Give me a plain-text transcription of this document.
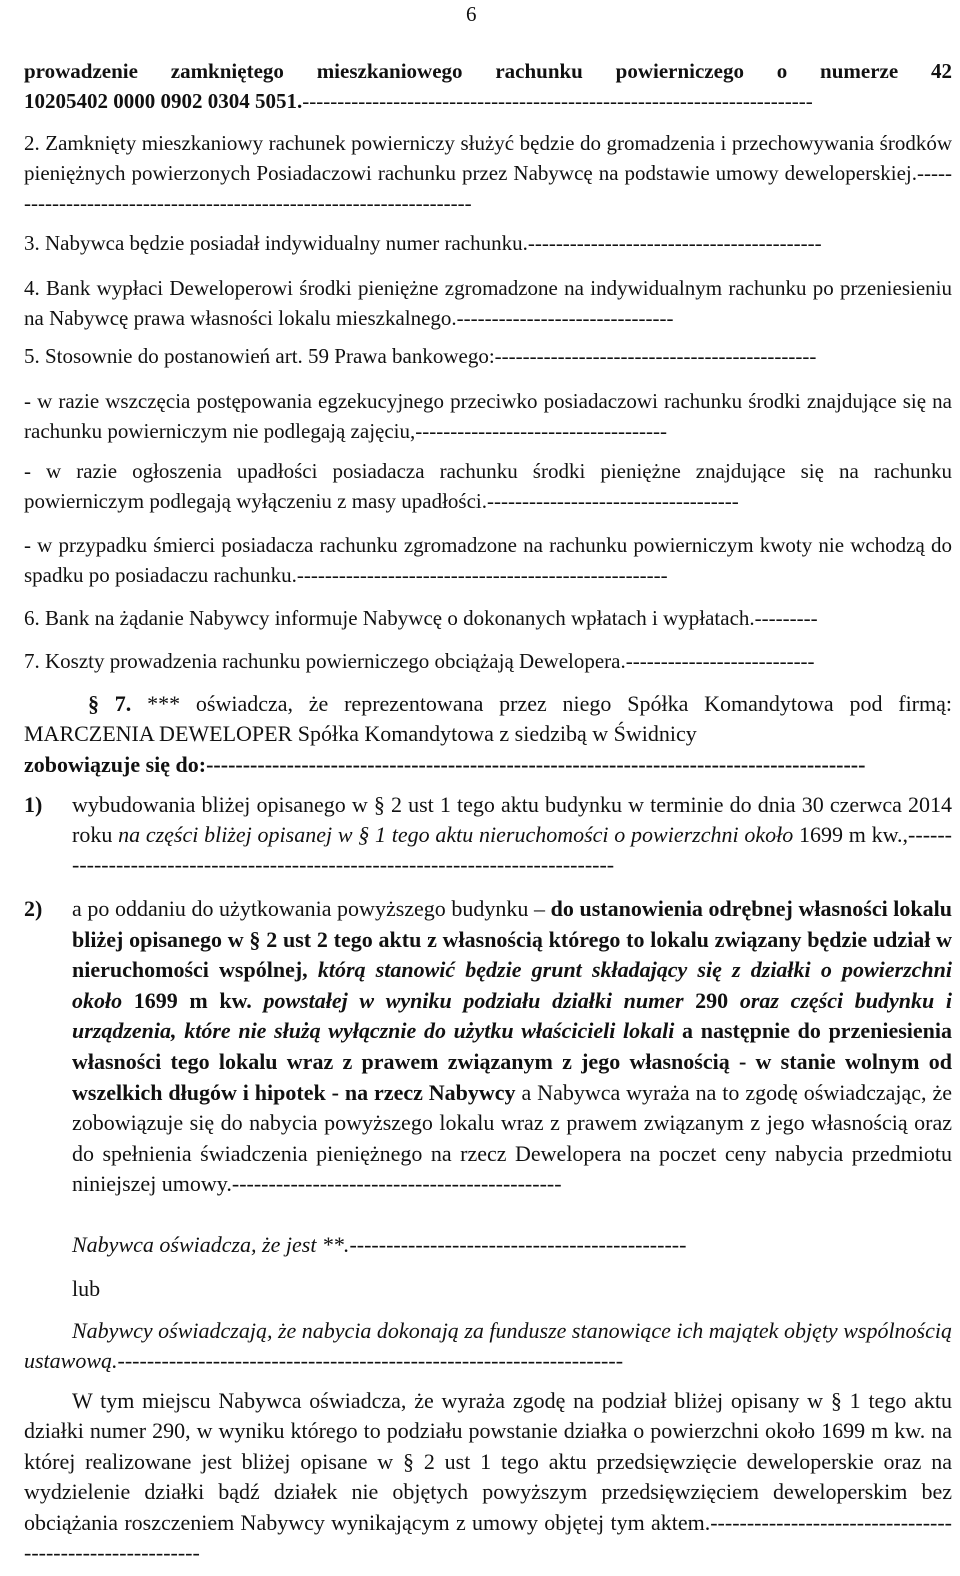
6
prowadzenie zamkniętego mieszkaniowego rachunku powierniczego o numerze 42
10205402 0000 0902 0304 5051.-------------------------------------------------------------------------
2. Zamknięty mieszkaniowy rachunek powierniczy służyć będzie do gromadzenia i przechowywania środków pieniężnych powierzonych Posiadaczowi rachunku przez Nabywcę na podstawie umowy deweloperskiej.---------------------------------------------------------------------
3. Nabywca będzie posiadał indywidualny numer rachunku.------------------------------------------
4. Bank wypłaci Deweloperowi środki pieniężne zgromadzone na indywidualnym rachunku po przeniesieniu na Nabywcę prawa własności lokalu mieszkalnego.-------------------------------
5. Stosownie do postanowień art. 59 Prawa bankowego:----------------------------------------------
- w razie wszczęcia postępowania egzekucyjnego przeciwko posiadaczowi rachunku środki znajdujące się na rachunku powierniczym nie podlegają zajęciu,------------------------------------
- w razie ogłoszenia upadłości posiadacza rachunku środki pieniężne znajdujące się na rachunku powierniczym podlegają wyłączeniu z masy upadłości.------------------------------------
- w przypadku śmierci posiadacza rachunku zgromadzone na rachunku powierniczym kwoty nie wchodzą do spadku po posiadaczu rachunku.-----------------------------------------------------
6. Bank na żądanie Nabywcy informuje Nabywcę o dokonanych wpłatach i wypłatach.---------
7. Koszty prowadzenia rachunku powierniczego obciążają Dewelopera.---------------------------
§ 7. *** oświadcza, że reprezentowana przez niego Spółka Komandytowa pod firmą: MARCZENIA DEWELOPER Spółka Komandytowa z siedzibą w Świdnicy
zobowiązuje się do:------------------------------------------------------------------------------------------
1) wybudowania bliżej opisanego w § 2 ust 1 tego aktu budynku w terminie do dnia 30 czerwca 2014 roku na części bliżej opisanej w § 1 tego aktu nieruchomości o powierzchni około 1699 m kw.,--------------------------------------------------------------------------------
2) a po oddaniu do użytkowania powyższego budynku – do ustanowienia odrębnej własności lokalu bliżej opisanego w § 2 ust 2 tego aktu z własnością którego to lokalu związany będzie udział w nieruchomości wspólnej, którą stanowić będzie grunt składający się z działki o powierzchni około 1699 m kw. powstałej w wyniku podziału działki numer 290 oraz części budynku i urządzenia, które nie służą wyłącznie do użytku właścicieli lokali a następnie do przeniesienia własności tego lokalu wraz z prawem związanym z jego własnością - w stanie wolnym od wszelkich długów i hipotek - na rzecz Nabywcy a Nabywca wyraża na to zgodę oświadczając, że zobowiązuje się do nabycia powyższego lokalu wraz z prawem związanym z jego własnością oraz do spełnienia świadczenia pieniężnego na rzecz Dewelopera na poczet ceny nabycia przedmiotu niniejszej umowy.---------------------------------------------
Nabywca oświadcza, że jest **.----------------------------------------------
lub
Nabywcy oświadczają, że nabycia dokonają za fundusze stanowiące ich majątek objęty wspólnością ustawową.---------------------------------------------------------------------
W tym miejscu Nabywca oświadcza, że wyraża zgodę na podział bliżej opisany w § 1 tego aktu działki numer 290, w wyniku którego to podziału powstanie działka o powierzchni około 1699 m kw. na której realizowane jest bliżej opisane w § 2 ust 1 tego aktu przedsięwzięcie deweloperskie oraz na wydzielenie działki bądź działek nie objętych powyższym przedsięwzięciem deweloperskim bez obciążania roszczeniem Nabywcy wynikającym z umowy objętej tym aktem.---------------------------------------------------------
